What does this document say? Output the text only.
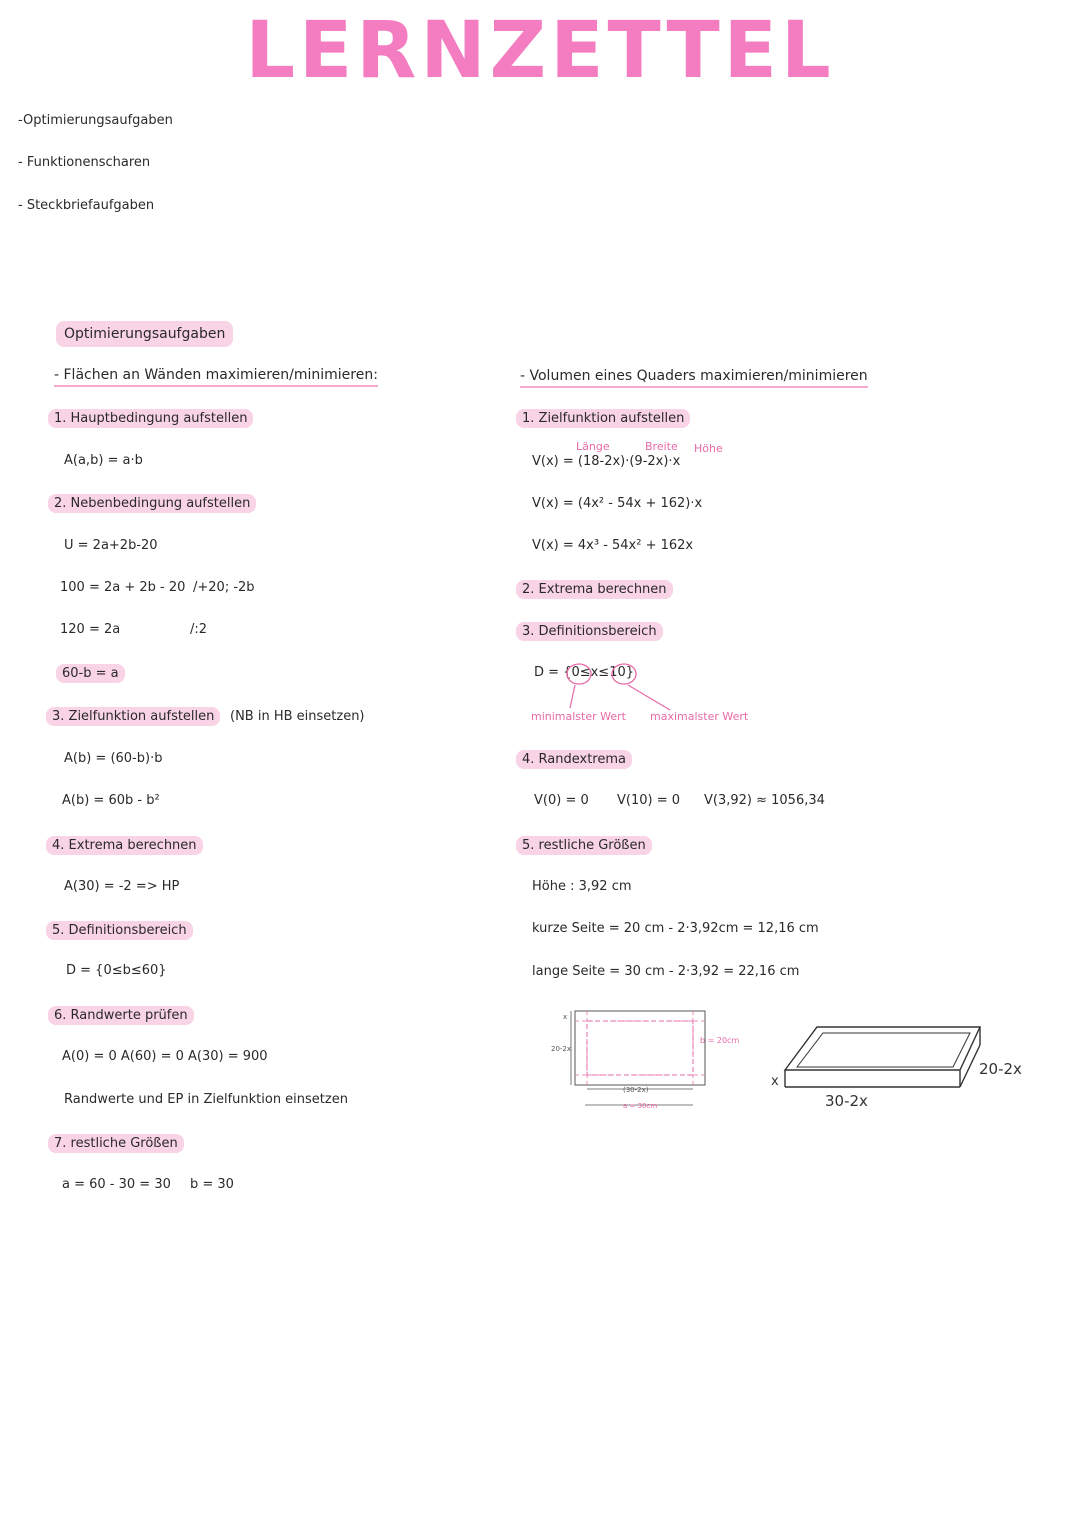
LERNZETTEL
-Optimierungsaufgaben
- Funktionenscharen
- Steckbriefaufgaben
Optimierungsaufgaben
- Flächen an Wänden maximieren/minimieren:
1. Hauptbedingung aufstellen
A(a,b) = a·b
2. Nebenbedingung aufstellen
U = 2a+2b-20
100 = 2a + 2b - 20 /+20; -2b
120 = 2a	/:2
60-b = a
3. Zielfunktion aufstellen	(NB in HB einsetzen)
A(b) = (60-b)·b
A(b) = 60b - b²
4. Extrema berechnen
A(30) = -2 => HP
5. Definitionsbereich
D = {0≤b≤60}
6. Randwerte prüfen
A(0) = 0 A(60) = 0 A(30) = 900
Randwerte und EP in Zielfunktion einsetzen
7. restliche Größen
a = 60 - 30 = 30 b = 30
- Volumen eines Quaders maximieren/minimieren
1. Zielfunktion aufstellen
Länge	Breite Höhe
V(x) = (18-2x)·(9-2x)·x
V(x) = (4x² - 54x + 162)·x
V(x) = 4x³ - 54x² + 162x
2. Extrema berechnen
3. Definitionsbereich
D = {0≤x≤10}
minimalster Wert maximalster Wert
4. Randextrema
V(0) = 0 V(10) = 0 V(3,92) ≈ 1056,34
5. restliche Größen
Höhe : 3,92 cm
kurze Seite = 20 cm - 2·3,92cm = 12,16 cm
lange Seite = 30 cm - 2·3,92 = 22,16 cm
x
20-2x
(30-2x)
a = 30cm
b = 20cm
x
30-2x
20-2x
